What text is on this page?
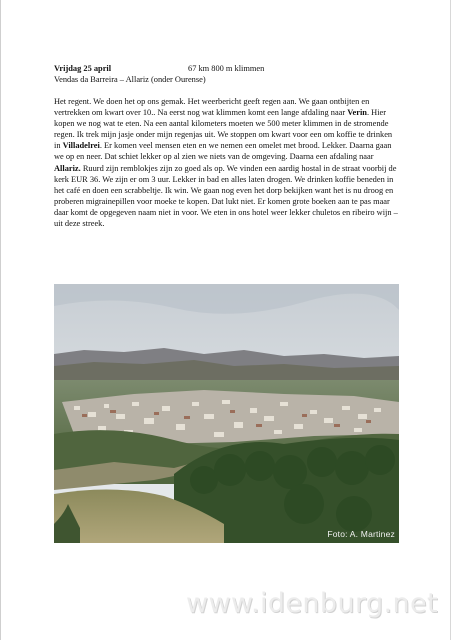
Vrijdag 25 april	67 km 800 m klimmen
Vendas da Barreira – Allariz (onder Ourense)

Het regent. We doen het op ons gemak. Het weerbericht geeft regen aan. We gaan ontbijten en vertrekken om kwart over 10.. Na eerst nog wat klimmen komt een lange afdaling naar Verin. Hier kopen we nog wat te eten. Na een aantal kilometers moeten we 500 meter klimmen in de stromende regen. Ik trek mijn jasje onder mijn regenjas uit. We stoppen om kwart voor een om koffie te drinken in Villadelrei. Er komen veel mensen eten en we nemen een omelet met brood. Lekker. Daarna gaan we op en neer. Dat schiet lekker op al zien we niets van de omgeving. Daarna een afdaling naar Allariz. Ruurd zijn remblokjes zijn zo goed als op. We vinden een aardig hostal in de straat voorbij de kerk EUR 36. We zijn er om 3 uur. Lekker in bad en alles laten drogen. We drinken koffie beneden in het café en doen een scrabbeltje. Ik win. We gaan nog even het dorp bekijken want het is nu droog en proberen migrainepillen voor moeke te kopen. Dat lukt niet. Er komen grote boeken aan te pas maar daar komt de opgegeven naam niet in voor. We eten in ons hotel weer lekker chuletos en ribeiro wijn – uit deze streek.

Foto: A. Martinez
www.idenburg.net
